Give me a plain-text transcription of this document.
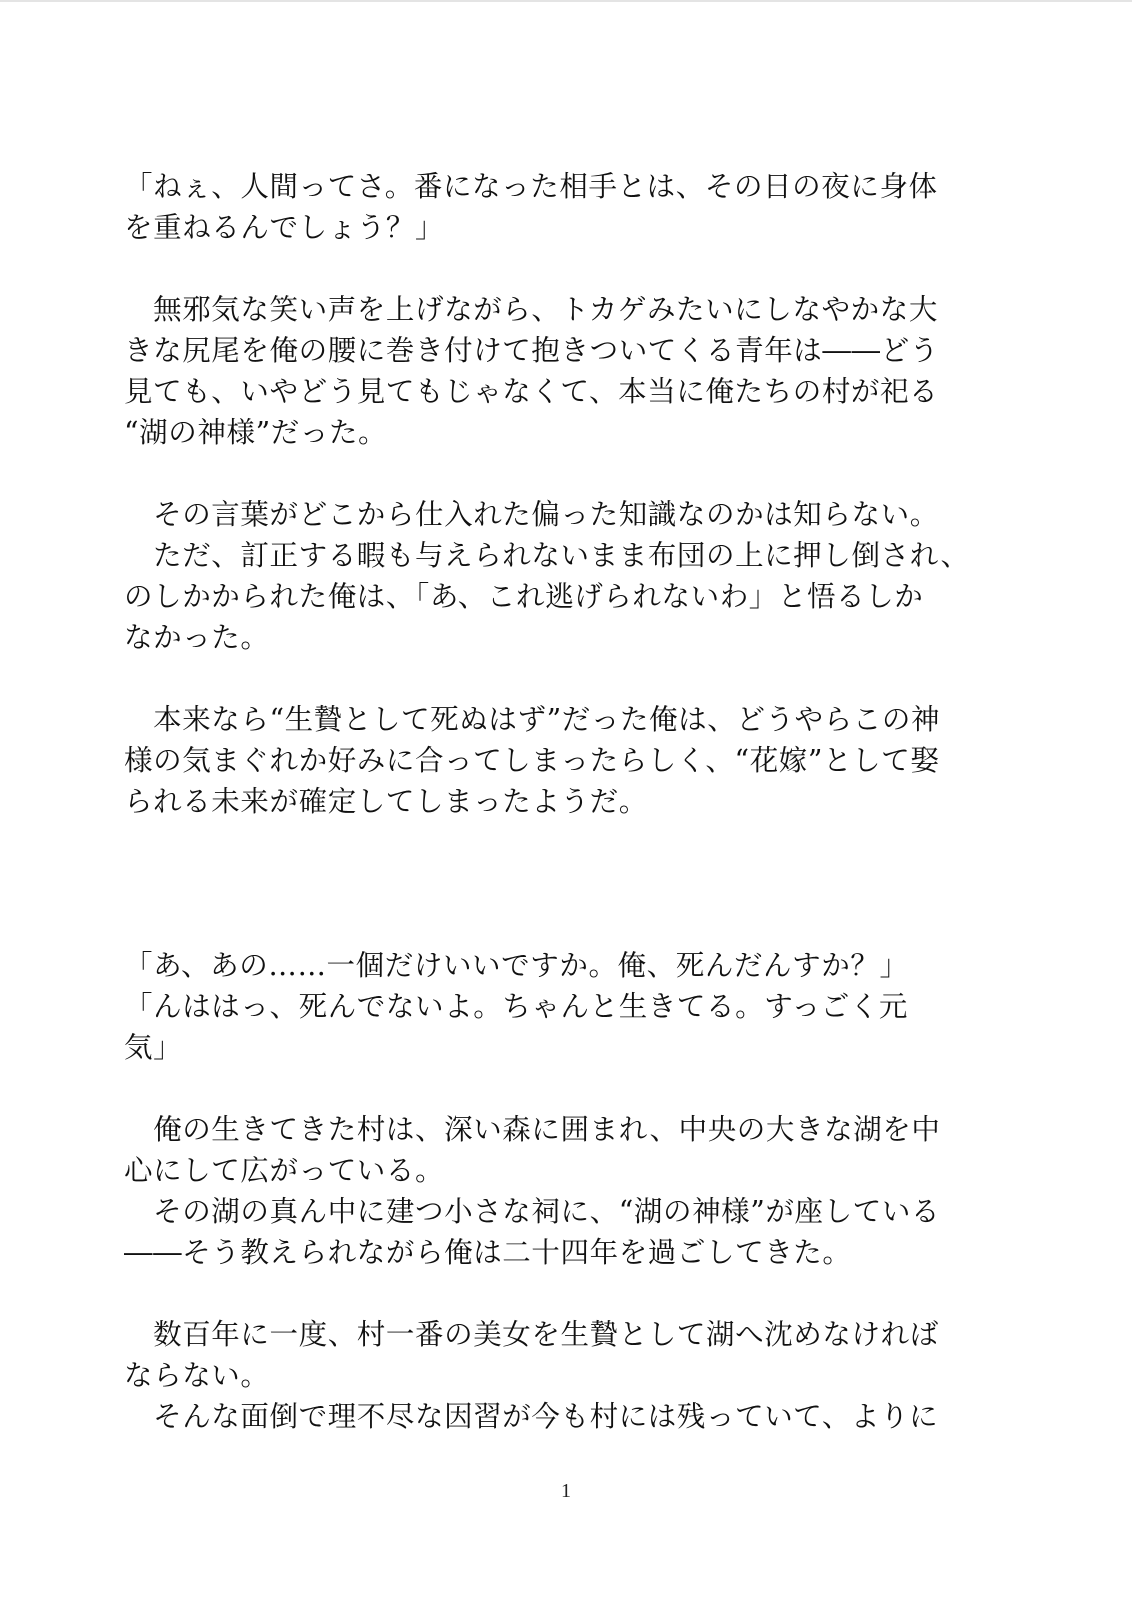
「ねぇ、人間ってさ。番になった相手とは、その日の夜に身体
を重ねるんでしょう？」
　無邪気な笑い声を上げながら、トカゲみたいにしなやかな大
きな尻尾を俺の腰に巻き付けて抱きついてくる青年は――どう
見ても、いやどう見てもじゃなくて、本当に俺たちの村が祀る
“湖の神様”だった。
　その言葉がどこから仕入れた偏った知識なのかは知らない。
　ただ、訂正する暇も与えられないまま布団の上に押し倒され、
のしかかられた俺は、「あ、これ逃げられないわ」と悟るしか
なかった。
　本来なら“生贄として死ぬはず”だった俺は、どうやらこの神
様の気まぐれか好みに合ってしまったらしく、“花嫁”として娶
られる未来が確定してしまったようだ。
「あ、あの……一個だけいいですか。俺、死んだんすか？」
「んははっ、死んでないよ。ちゃんと生きてる。すっごく元
気」
　俺の生きてきた村は、深い森に囲まれ、中央の大きな湖を中
心にして広がっている。
　その湖の真ん中に建つ小さな祠に、“湖の神様”が座している
――そう教えられながら俺は二十四年を過ごしてきた。
　数百年に一度、村一番の美女を生贄として湖へ沈めなければ
ならない。
　そんな面倒で理不尽な因習が今も村には残っていて、よりに
1
